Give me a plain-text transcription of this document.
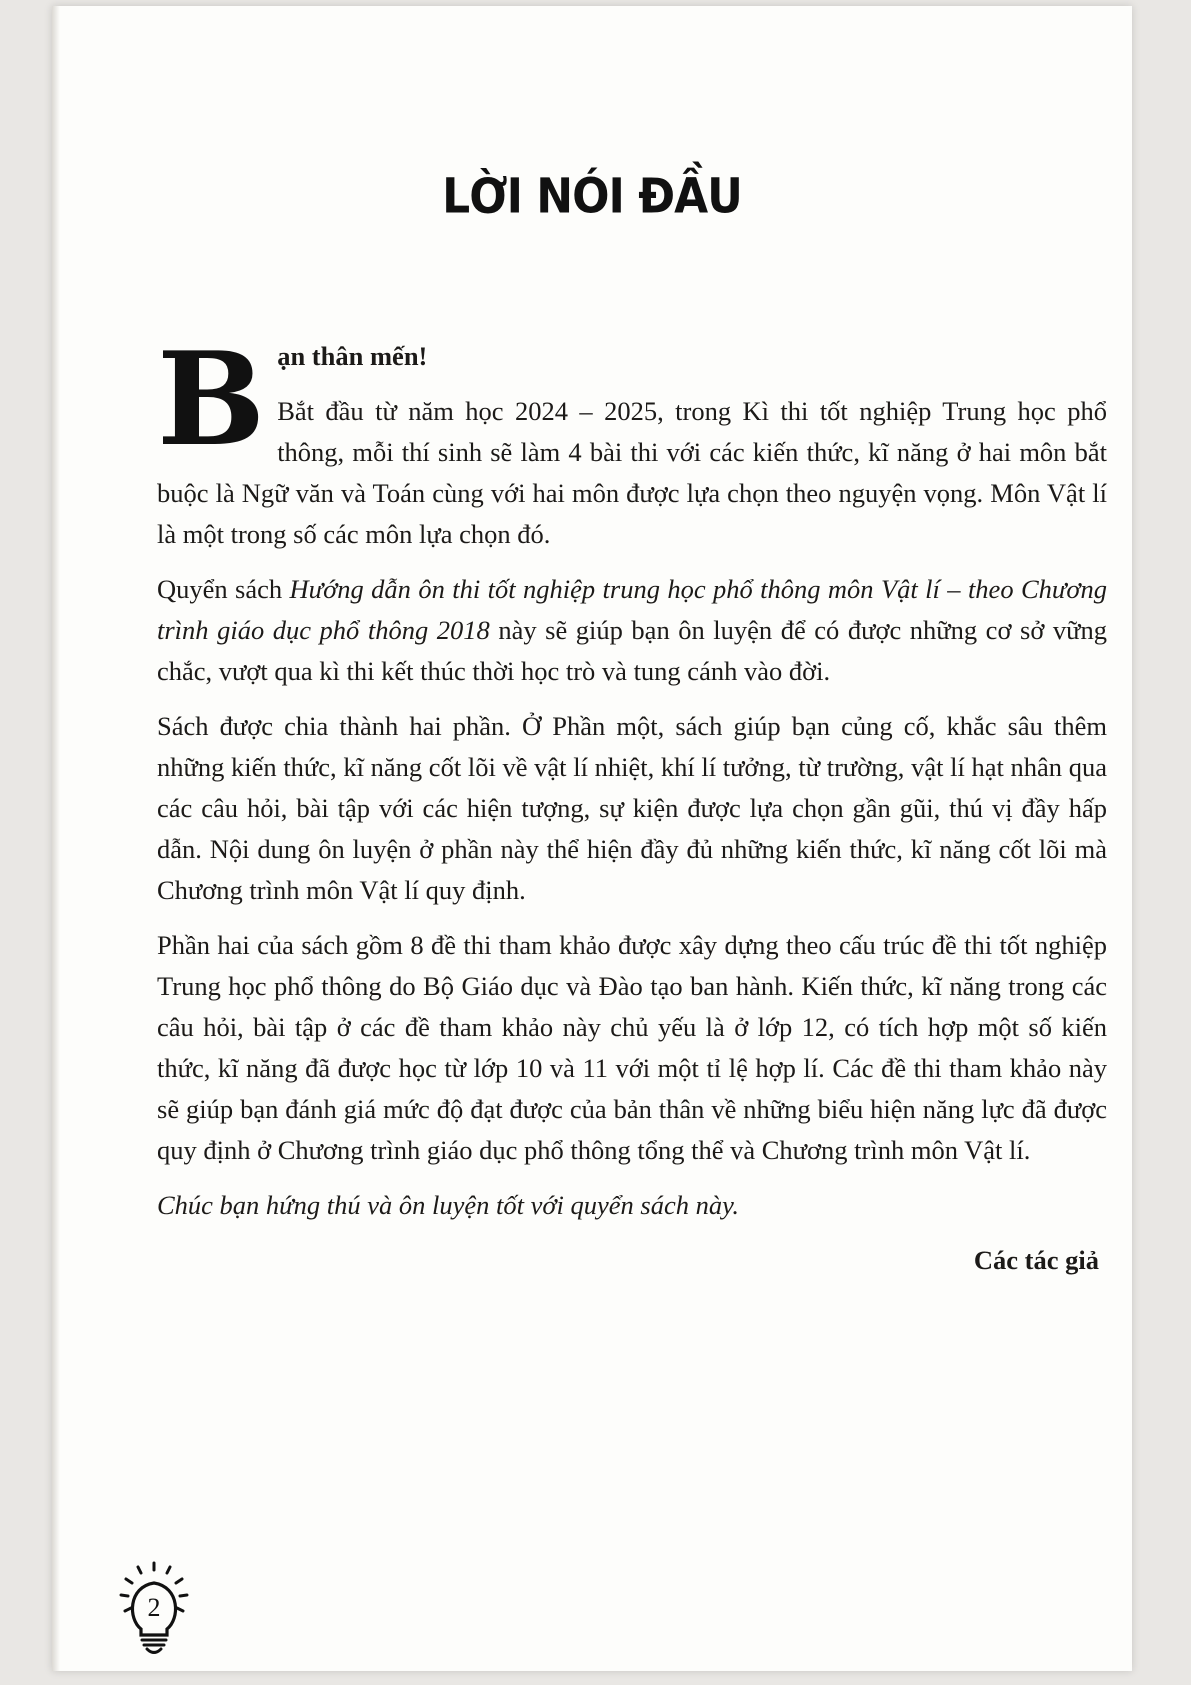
LỜI NÓI ĐẦU
B ạn thân mến!

Bắt đầu từ năm học 2024 – 2025, trong Kì thi tốt nghiệp Trung học phổ thông, mỗi thí sinh sẽ làm 4 bài thi với các kiến thức, kĩ năng ở hai môn bắt buộc là Ngữ văn và Toán cùng với hai môn được lựa chọn theo nguyện vọng. Môn Vật lí là một trong số các môn lựa chọn đó.

Quyển sách Hướng dẫn ôn thi tốt nghiệp trung học phổ thông môn Vật lí – theo Chương trình giáo dục phổ thông 2018 này sẽ giúp bạn ôn luyện để có được những cơ sở vững chắc, vượt qua kì thi kết thúc thời học trò và tung cánh vào đời.

Sách được chia thành hai phần. Ở Phần một, sách giúp bạn củng cố, khắc sâu thêm những kiến thức, kĩ năng cốt lõi về vật lí nhiệt, khí lí tưởng, từ trường, vật lí hạt nhân qua các câu hỏi, bài tập với các hiện tượng, sự kiện được lựa chọn gần gũi, thú vị đầy hấp dẫn. Nội dung ôn luyện ở phần này thể hiện đầy đủ những kiến thức, kĩ năng cốt lõi mà Chương trình môn Vật lí quy định.

Phần hai của sách gồm 8 đề thi tham khảo được xây dựng theo cấu trúc đề thi tốt nghiệp Trung học phổ thông do Bộ Giáo dục và Đào tạo ban hành. Kiến thức, kĩ năng trong các câu hỏi, bài tập ở các đề tham khảo này chủ yếu là ở lớp 12, có tích hợp một số kiến thức, kĩ năng đã được học từ lớp 10 và 11 với một tỉ lệ hợp lí. Các đề thi tham khảo này sẽ giúp bạn đánh giá mức độ đạt được của bản thân về những biểu hiện năng lực đã được quy định ở Chương trình giáo dục phổ thông tổng thể và Chương trình môn Vật lí.

Chúc bạn hứng thú và ôn luyện tốt với quyển sách này.

Các tác giả

2
